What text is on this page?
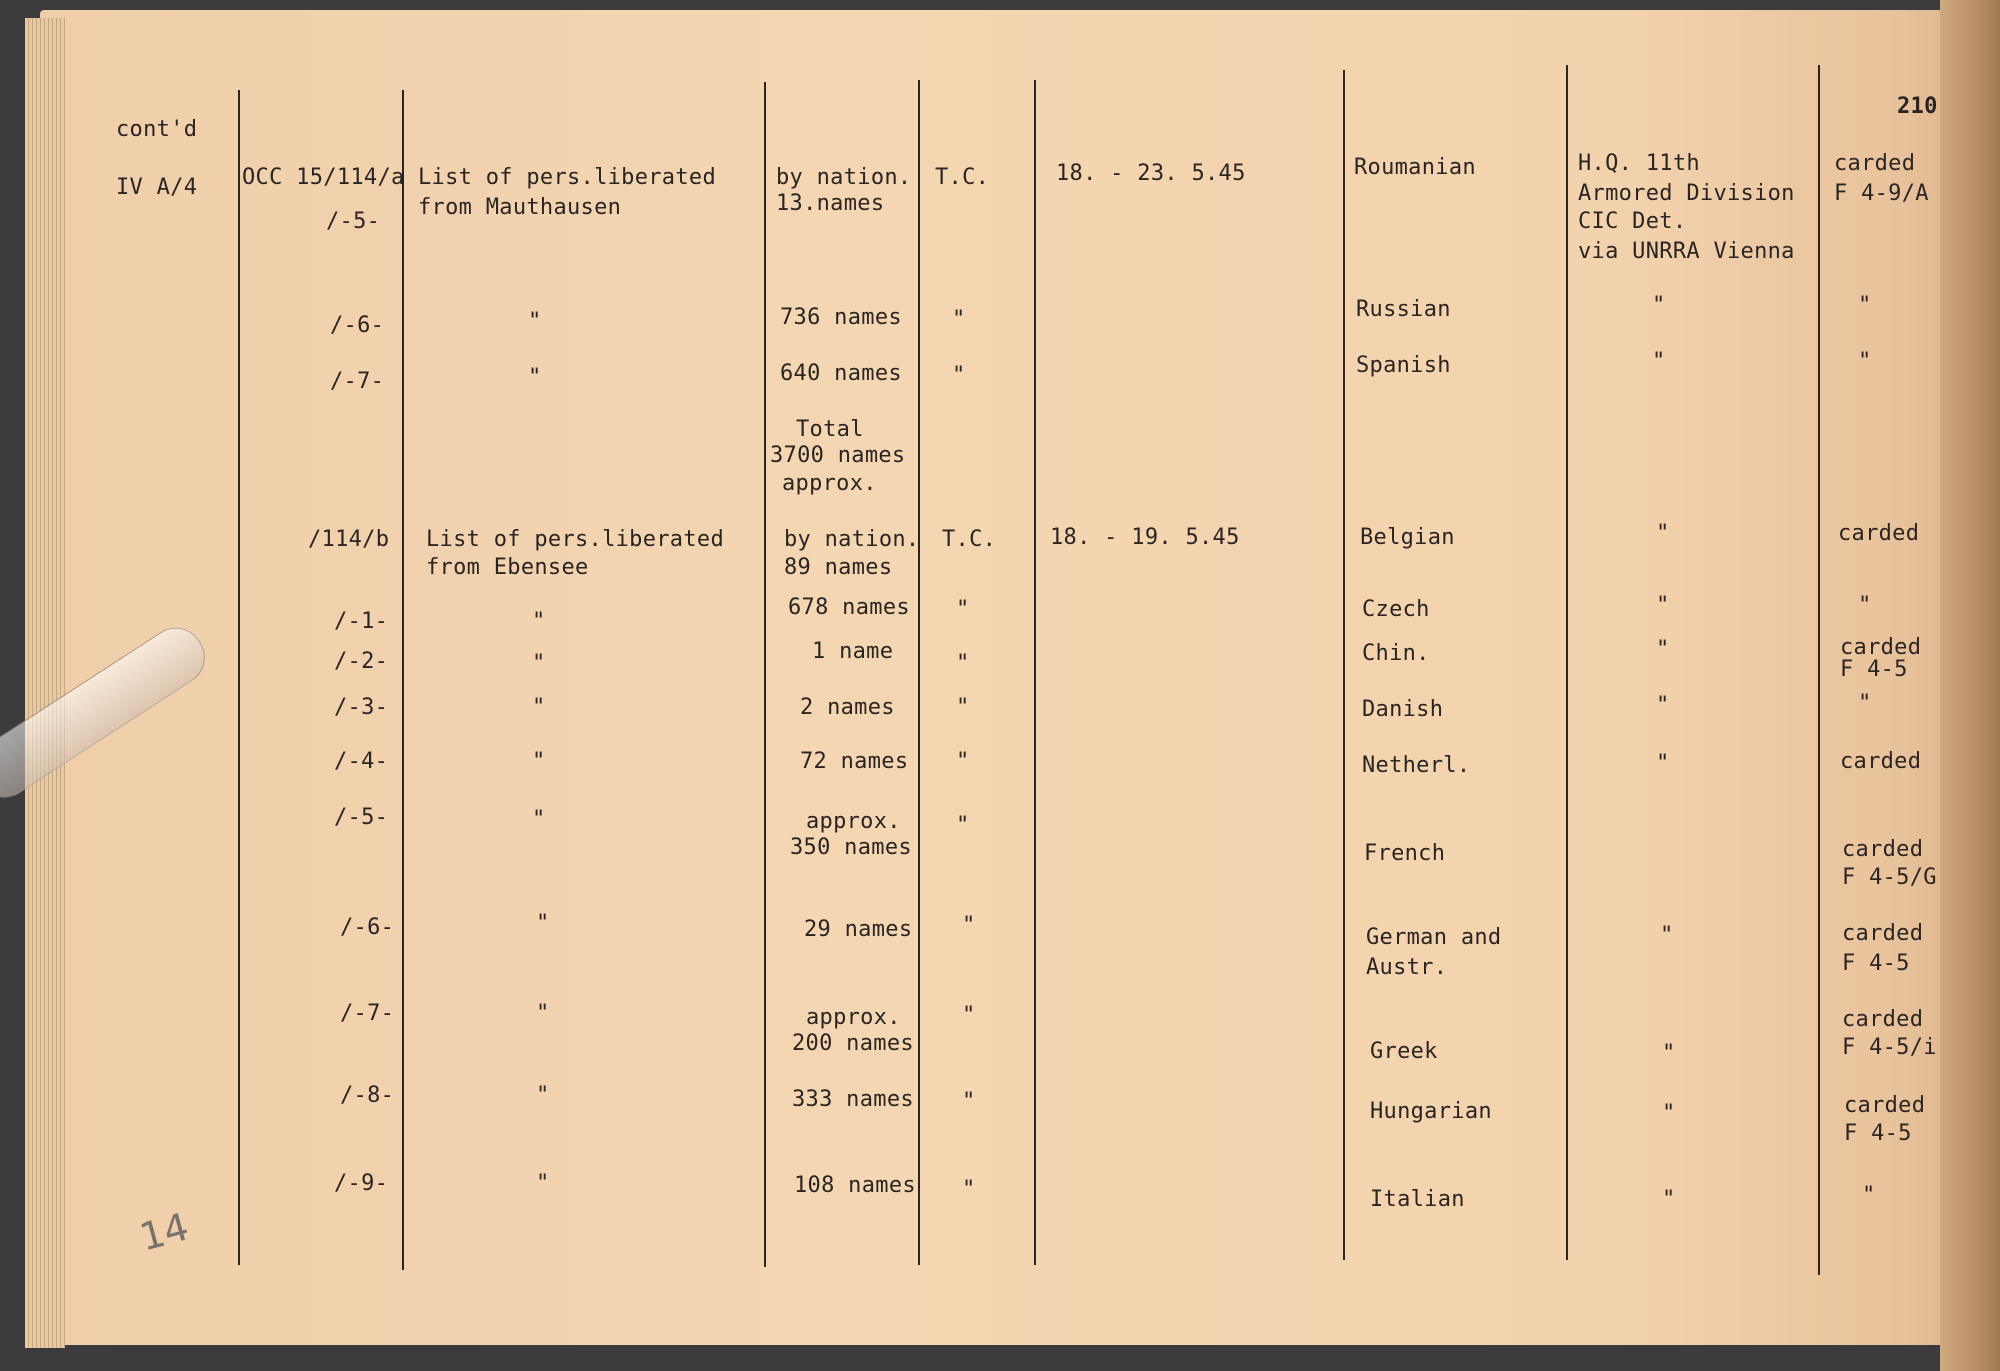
cont'd
210
IV A/4 OCC 15/114/a List of pers.liberated
from Mauthausen
by nation.
13.names
T.C.	18. - 23. 5.45	Roumanian	H.Q. 11th
Armored Division
CIC Det.
via UNRRA Vienna
carded
F 4-9/A
/-5-
/-6-	"	736 names "	Russian	"	"
/-7-	"	640 names "	Spanish	"	"
Total
3700 names
approx.
/114/b List of pers.liberated
from Ebensee
by nation.
89 names
T.C. 18. - 19. 5.45	Belgian	"	carded
/-1-	"
678 names "	Czech	"	"
/-2-	"	1 name	"	Chin.	"	carded
F 4-5
/-3-	"	2 names	"	Danish	"	"
/-4-	"	72 names "	Netherl.	"	carded
/-5-	"	approx.
350 names
"
French	carded
F 4-5/G
/-6-	"	29 names "	German and
Austr.
"	carded
F 4-5
/-7-	"	approx.
200 names
"
Greek	"
carded
F 4-5/i
/-8-	"	333 names "	Hungarian	"	carded
F 4-5
/-9-	"	108 names "	Italian	"	"
14
